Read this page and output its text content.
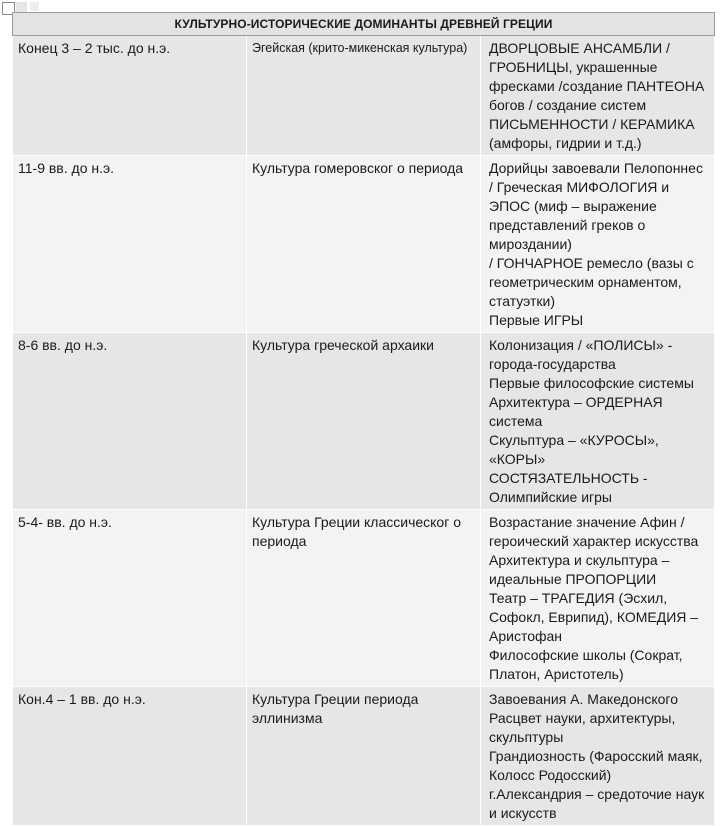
КУЛЬТУРНО-ИСТОРИЧЕСКИЕ ДОМИНАНТЫ ДРЕВНЕЙ ГРЕЦИИ		
Конец 3 – 2 тыс. до н.э.	Эгейская (крито-микенская культура)	ДВОРЦОВЫЕ АНСАМБЛИ / ГРОБНИЦЫ, украшенные
фресками /создание ПАНТЕОНА богов / создание систем
ПИСЬМЕННОСТИ / КЕРАМИКА (амфоры, гидрии и т.д.)

11-9 вв. до н.э.	Культура гомеровског о периода	Дорийцы завоевали Пелопоннес / Греческая МИФОЛОГИЯ и
ЭПОС (миф – выражение представлений греков о мироздании)
/ ГОНЧАРНОЕ ремесло (вазы с геометрическим орнаментом,
статуэтки)
Первые ИГРЫ

8-6 вв. до н.э.	Культура греческой архаики	Колонизация / «ПОЛИСЫ» - города-государства
Первые философские системы
Архитектура – ОРДЕРНАЯ система
Скульптура – «КУРОСЫ», «КОРЫ»
СОСТЯЗАТЕЛЬНОСТЬ - Олимпийские игры

5-4- вв. до н.э.	Культура Греции классическог о периода	Возрастание значение Афин / героический характер искусства
Архитектура и скульптура – идеальные ПРОПОРЦИИ
Театр – ТРАГЕДИЯ (Эсхил, Софокл, Еврипид), КОМЕДИЯ –
Аристофан
Философские школы (Сократ, Платон, Аристотель)

Кон.4 – 1 вв. до н.э.	Культура Греции периода эллинизма	Завоевания А. Македонского
Расцвет науки, архитектуры, скульптуры
Грандиозность (Фаросский маяк, Колосс Родосский)
г.Александрия – средоточие наук и искусств
